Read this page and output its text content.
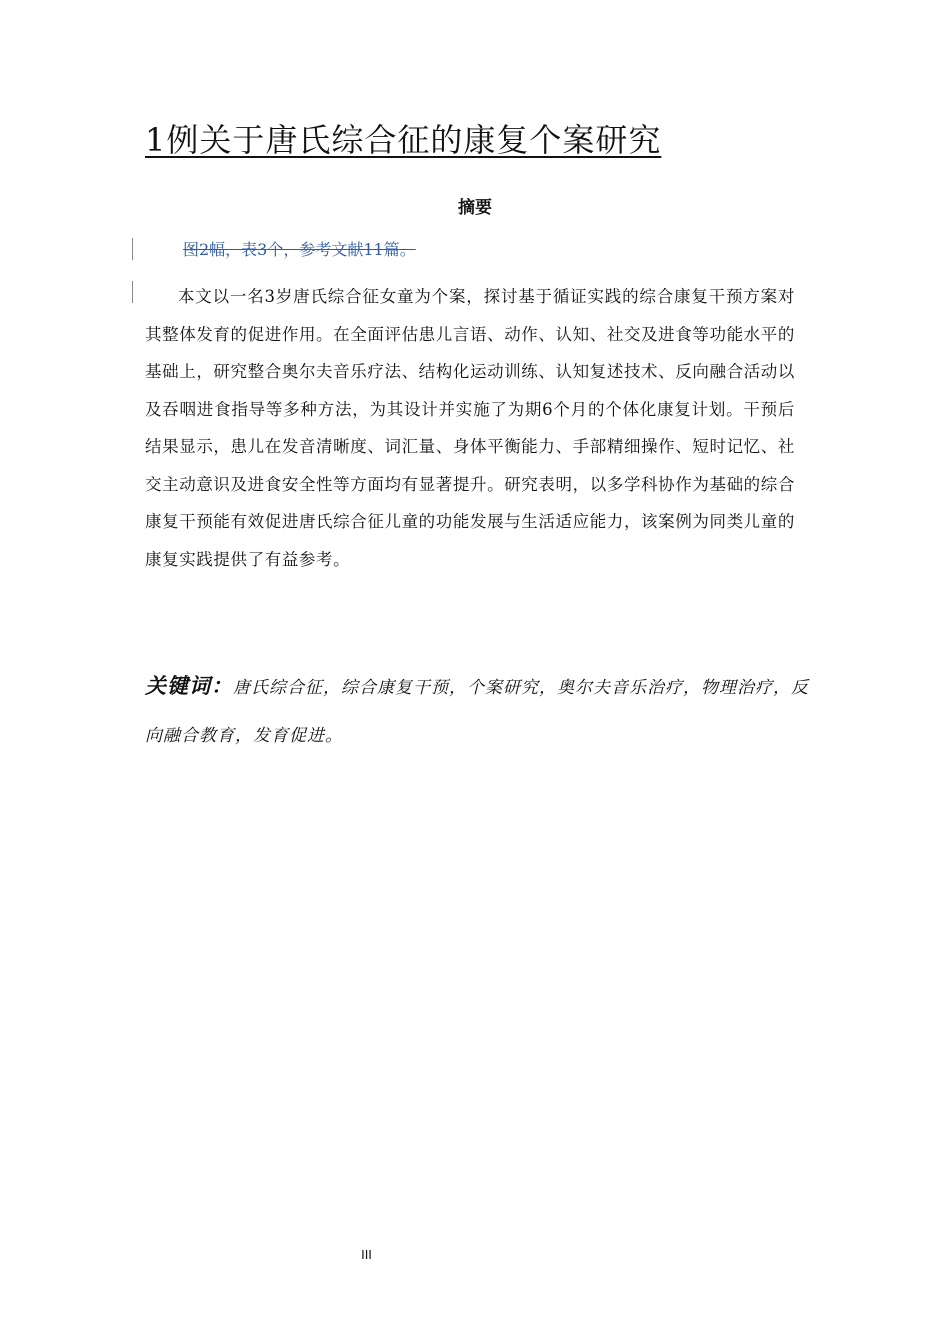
1例关于唐氏综合征的康复个案研究
摘要
图2幅，表3个，参考文献11篇。

本文以一名3岁唐氏综合征女童为个案，探讨基于循证实践的综合康复干预方案对其整体发育的促进作用。在全面评估患儿言语、动作、认知、社交及进食等功能水平的基础上，研究整合奥尔夫音乐疗法、结构化运动训练、认知复述技术、反向融合活动以及吞咽进食指导等多种方法，为其设计并实施了为期6个月的个体化康复计划。干预后结果显示，患儿在发音清晰度、词汇量、身体平衡能力、手部精细操作、短时记忆、社交主动意识及进食安全性等方面均有显著提升。研究表明，以多学科协作为基础的综合康复干预能有效促进唐氏综合征儿童的功能发展与生活适应能力，该案例为同类儿童的康复实践提供了有益参考。

关键词：唐氏综合征，综合康复干预，个案研究，奥尔夫音乐治疗，物理治疗，反向融合教育，发育促进。

III
